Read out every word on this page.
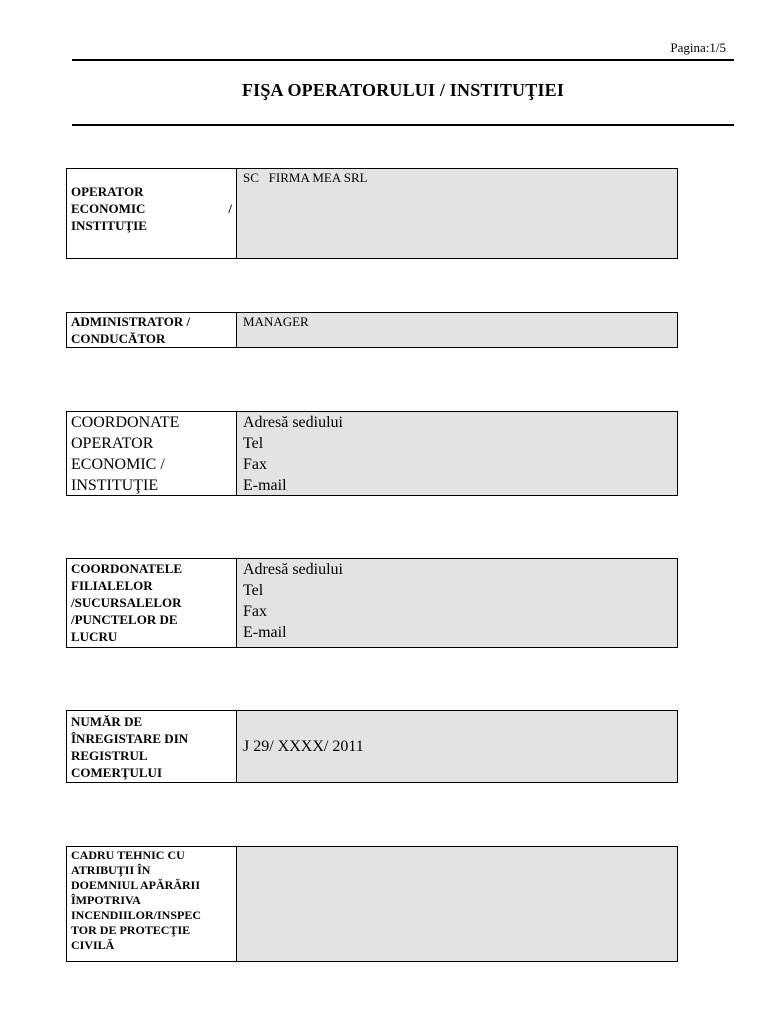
Pagina:1/5
FIŞA OPERATORULUI / INSTITUŢIEI
OPERATOR
ECONOMIC	/
INSTITUŢIE
SC   FIRMA MEA SRL
ADMINISTRATOR /
CONDUCĂTOR
MANAGER
COORDONATE
OPERATOR
ECONOMIC /
INSTITUŢIE
Adresă sediului
Tel
Fax
E-mail
COORDONATELE
FILIALELOR
/SUCURSALELOR
/PUNCTELOR DE
LUCRU
Adresă sediului
Tel
Fax
E-mail
NUMĂR DE
ÎNREGISTARE DIN
REGISTRUL
COMERŢULUI
J 29/ XXXX/ 2011
CADRU TEHNIC CU
ATRIBUŢII ÎN
DOEMNIUL APĂRĂRII
ÎMPOTRIVA
INCENDIILOR/INSPEC
TOR DE PROTECŢIE
CIVILĂ
